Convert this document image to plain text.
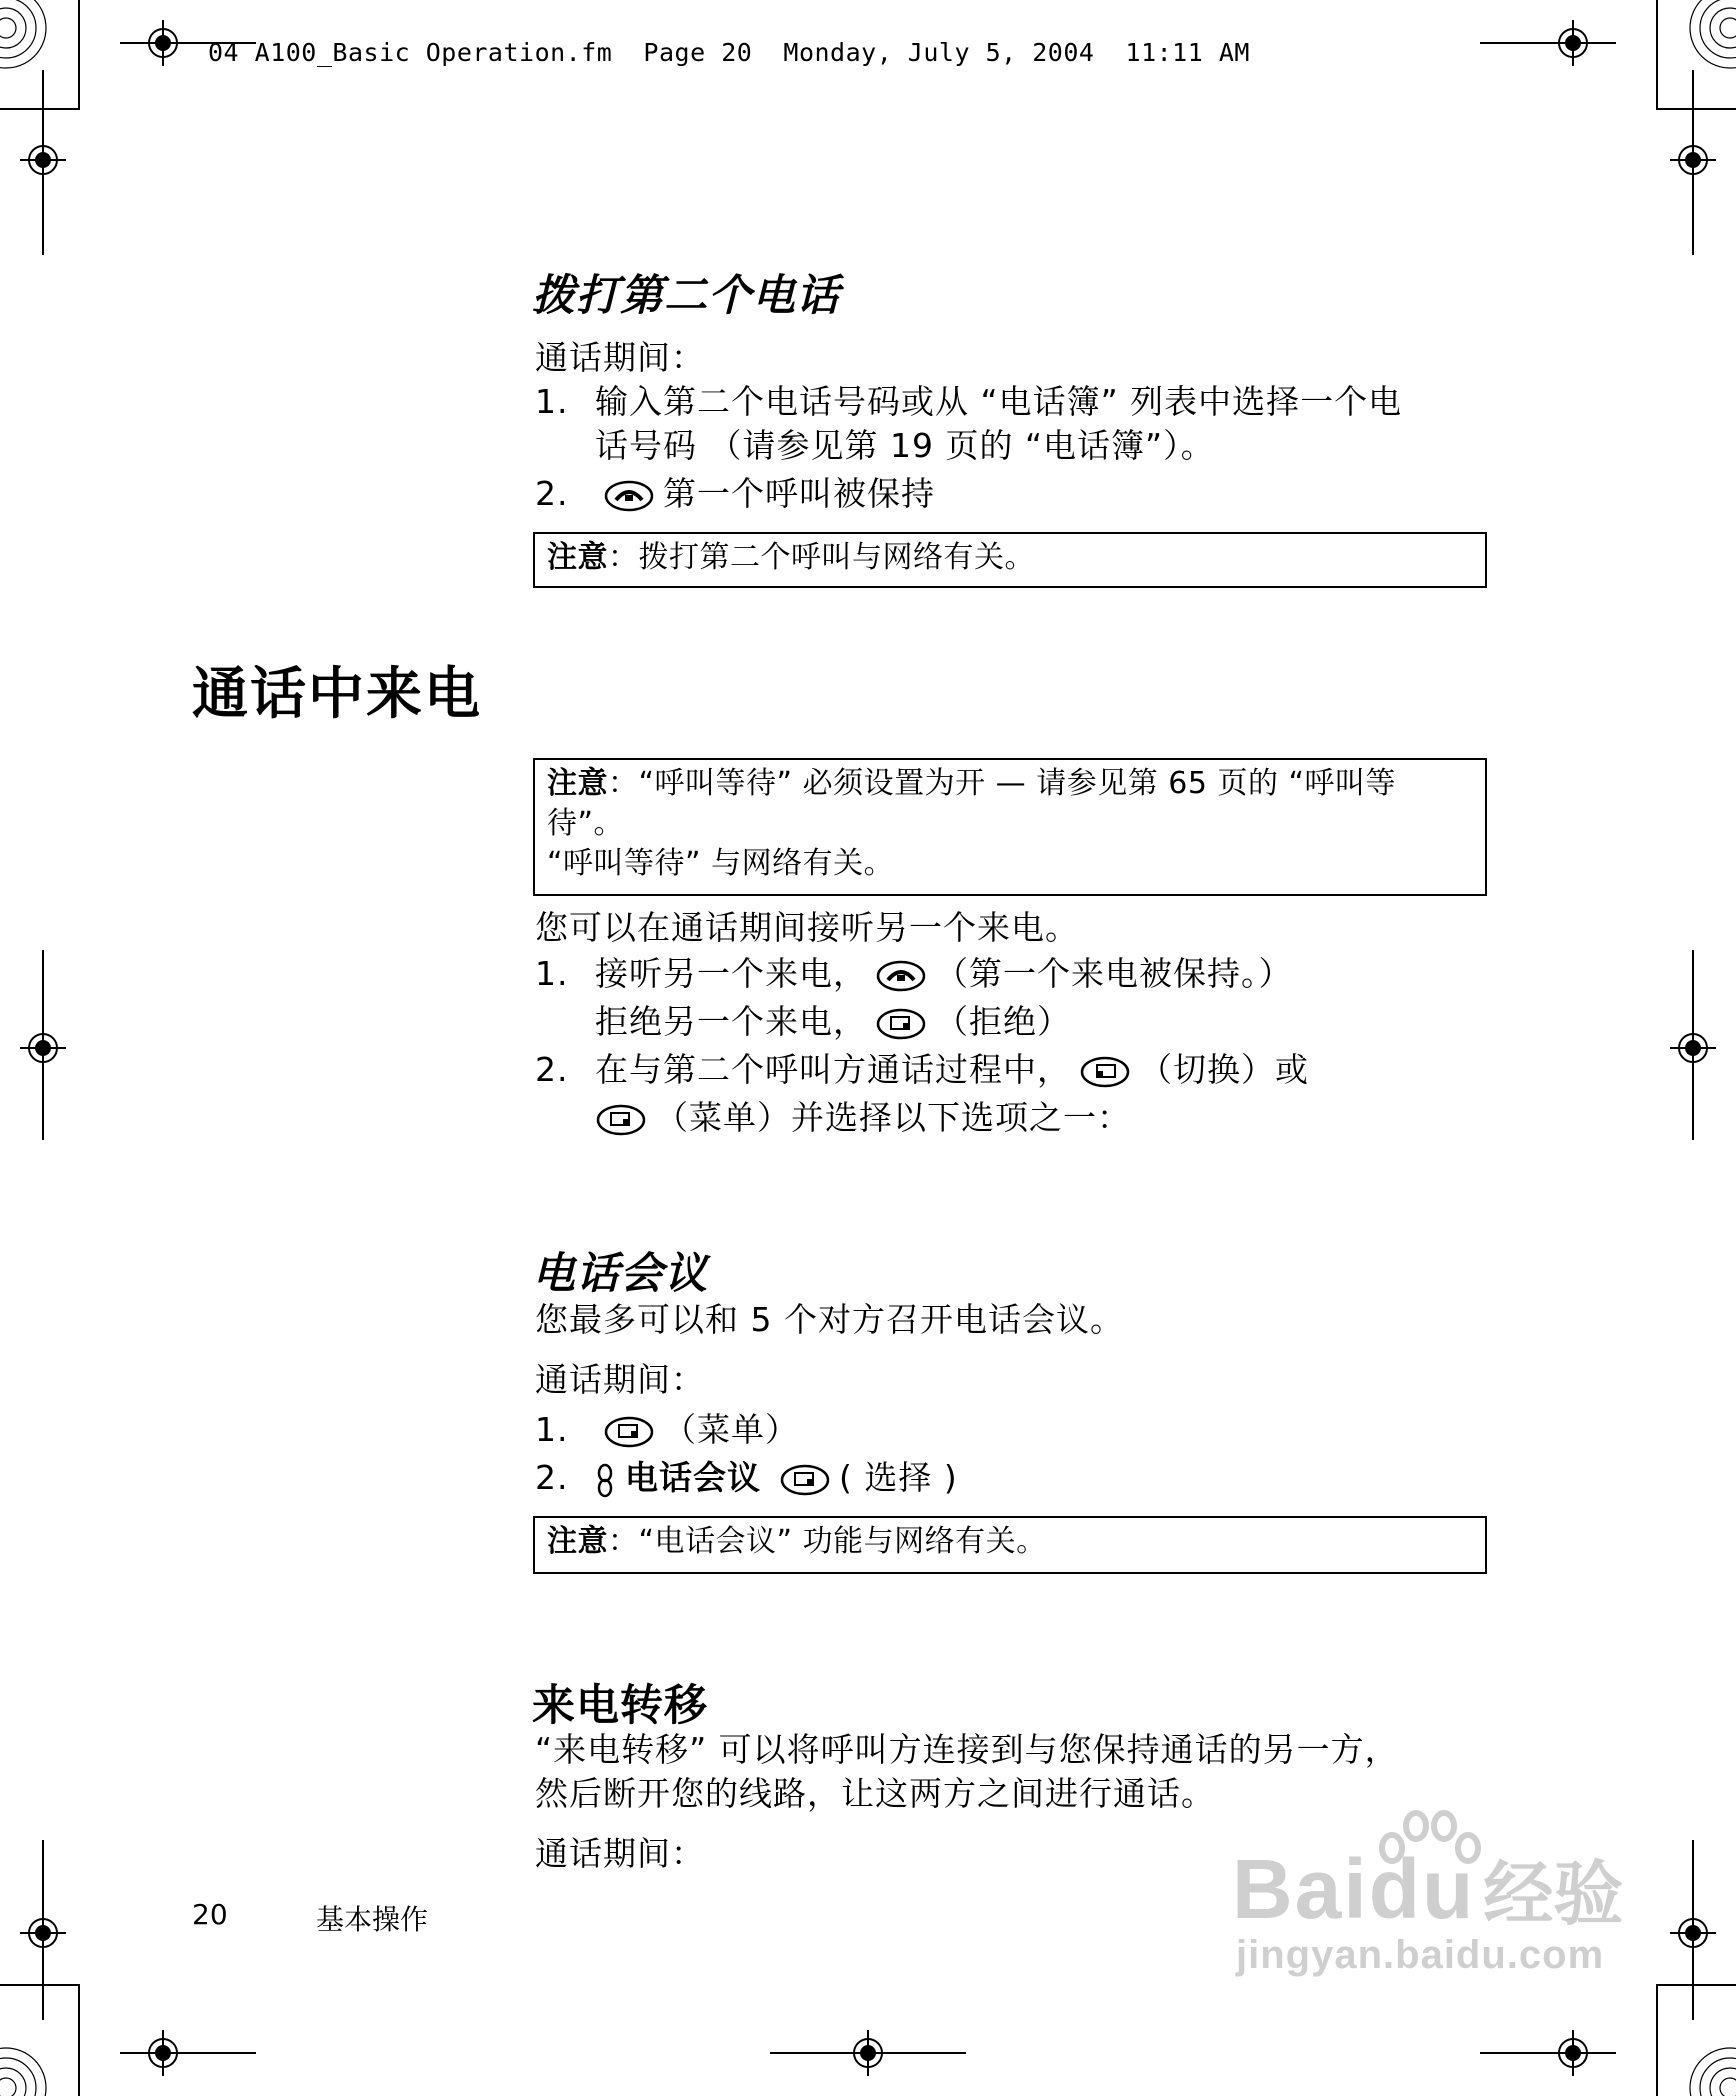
04 A100_Basic Operation.fm  Page 20  Monday, July 5, 2004  11:11 AM
拨打第二个电话
通话期间：
1. 输入第二个电话号码或从 “电话簿” 列表中选择一个电
话号码 （请参见第 19 页的 “电话簿”）。
2.	第一个呼叫被保持
注意：拨打第二个呼叫与网络有关。
通话中来电
注意：“呼叫等待” 必须设置为开 — 请参见第 65 页的 “呼叫等
待”。
“呼叫等待” 与网络有关。
您可以在通话期间接听另一个来电。
1. 接听另一个来电， （第一个来电被保持。）
拒绝另一个来电， （拒绝）
2. 在与第二个呼叫方通话过程中， （切换）或
（菜单）并选择以下选项之一：
电话会议
您最多可以和 5 个对方召开电话会议。
通话期间：
1.	（菜单）
2. 电话会议 ( 选择 )
注意：“电话会议” 功能与网络有关。
来电转移
“来电转移” 可以将呼叫方连接到与您保持通话的另一方，
然后断开您的线路，让这两方之间进行通话。
通话期间：
20	基本操作	Baidu 经验
jingyan.baidu.com
